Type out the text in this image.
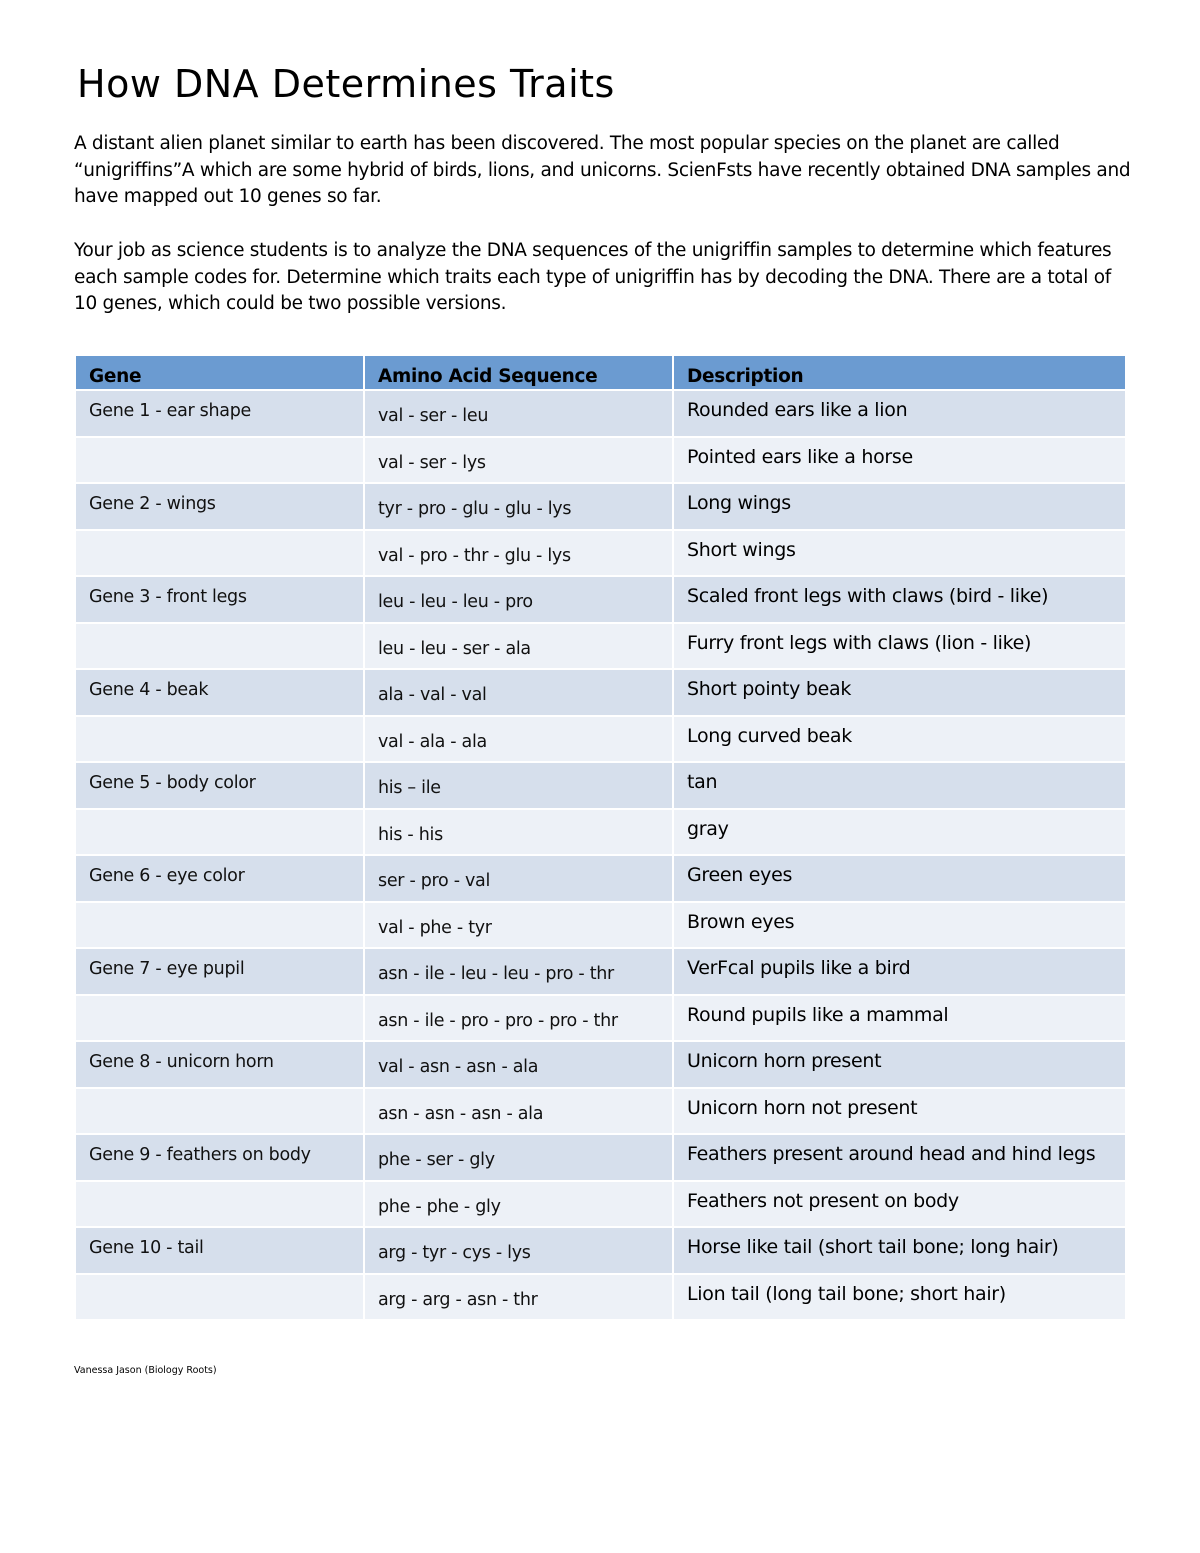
How DNA Determines Traits

A distant alien planet similar to earth has been discovered. The most popular species on the planet are called “unigriffins”A which are some hybrid of birds, lions, and unicorns. ScienFsts have recently obtained DNA samples and have mapped out 10 genes so far.

Your job as science students is to analyze the DNA sequences of the unigriffin samples to determine which features each sample codes for. Determine which traits each type of unigriffin has by decoding the DNA. There are a total of 10 genes, which could be two possible versions.

Gene	Amino Acid Sequence	Description
Gene 1 - ear shape	val - ser - leu	Rounded ears like a lion
	val - ser - lys	Pointed ears like a horse
Gene 2 - wings	tyr - pro - glu - glu - lys	Long wings
	val - pro - thr - glu - lys	Short wings
Gene 3 - front legs	leu - leu - leu - pro	Scaled front legs with claws (bird - like)
	leu - leu - ser - ala	Furry front legs with claws (lion - like)
Gene 4 - beak	ala - val - val	Short pointy beak
	val - ala - ala	Long curved beak
Gene 5 - body color	his – ile	tan
	his - his	gray
Gene 6 - eye color	ser - pro - val	Green eyes
	val - phe - tyr	Brown eyes
Gene 7 - eye pupil	asn - ile - leu - leu - pro - thr	VerFcal pupils like a bird
	asn - ile - pro - pro - pro - thr	Round pupils like a mammal
Gene 8 - unicorn horn	val - asn - asn - ala	Unicorn horn present
	asn - asn - asn - ala	Unicorn horn not present
Gene 9 - feathers on body	phe - ser - gly	Feathers present around head and hind legs
	phe - phe - gly	Feathers not present on body
Gene 10 - tail	arg - tyr - cys - lys	Horse like tail (short tail bone; long hair)
	arg - arg - asn - thr	Lion tail (long tail bone; short hair)

Vanessa Jason (Biology Roots)
